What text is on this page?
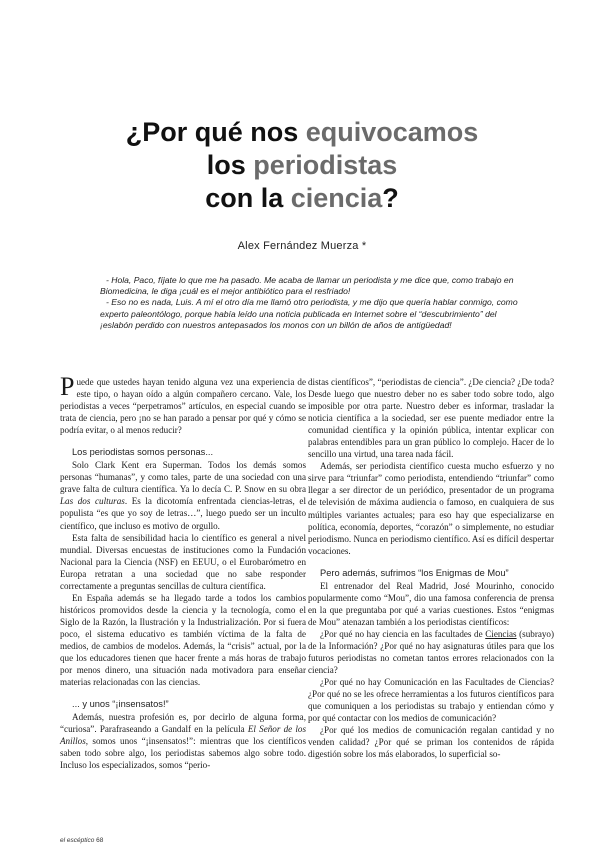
¿Por qué nos equivocamos
los periodistas
con la ciencia?
Alex Fernández Muerza *

- Hola, Paco, fíjate lo que me ha pasado. Me acaba de llamar un periodista y me dice que, como trabajo en Biomedicina, le diga ¡cuál es el mejor antibiótico para el resfriado!

- Eso no es nada, Luis. A mí el otro día me llamó otro periodista, y me dijo que quería hablar conmigo, como experto paleontólogo, porque había leído una noticia publicada en Internet sobre el “descubrimiento” del ¡eslabón perdido con nuestros antepasados los monos con un billón de años de antigüedad!

Puede que ustedes hayan tenido alguna vez una experiencia de este tipo, o hayan oído a algún compañero cercano. Vale, los periodistas a veces “perpetramos” artículos, en especial cuando se trata de ciencia, pero ¡no se han parado a pensar por qué y cómo se podría evitar, o al menos reducir?

Los periodistas somos personas...

Solo Clark Kent era Superman. Todos los demás somos personas “humanas”, y como tales, parte de una sociedad con una grave falta de cultura científica. Ya lo decía C. P. Snow en su obra Las dos culturas. Es la dicotomía enfrentada ciencias-letras, el populista “es que yo soy de letras…”, luego puedo ser un inculto científico, que incluso es motivo de orgullo.

Esta falta de sensibilidad hacia lo científico es general a nivel mundial. Diversas encuestas de instituciones como la Fundación Nacional para la Ciencia (NSF) en EEUU, o el Eurobarómetro en Europa retratan a una sociedad que no sabe responder correctamente a preguntas sencillas de cultura científica.

En España además se ha llegado tarde a todos los cambios históricos promovidos desde la ciencia y la tecnología, como el Siglo de la Razón, la Ilustración y la Industrialización. Por si fuera poco, el sistema educativo es también víctima de la falta de medios, de cambios de modelos. Además, la “crisis” actual, por la que los educadores tienen que hacer frente a más horas de trabajo por menos dinero, una situación nada motivadora para enseñar materias relacionadas con las ciencias.

... y unos “¡insensatos!”

Además, nuestra profesión es, por decirlo de alguna forma, “curiosa”. Parafraseando a Gandalf en la película El Señor de los Anillos, somos unos “¡insensatos!”: mientras que los científicos saben todo sobre algo, los periodistas sabemos algo sobre todo. Incluso los especializados, somos “perio-

distas científicos”, “periodistas de ciencia”. ¿De ciencia? ¿De toda? Desde luego que nuestro deber no es saber todo sobre todo, algo imposible por otra parte. Nuestro deber es informar, trasladar la noticia científica a la sociedad, ser ese puente mediador entre la comunidad científica y la opinión pública, intentar explicar con palabras entendibles para un gran público lo complejo. Hacer de lo sencillo una virtud, una tarea nada fácil.

Además, ser periodista científico cuesta mucho esfuerzo y no sirve para “triunfar” como periodista, entendiendo “triunfar” como llegar a ser director de un periódico, presentador de un programa de televisión de máxima audiencia o famoso, en cualquiera de sus múltiples variantes actuales; para eso hay que especializarse en política, economía, deportes, “corazón” o simplemente, no estudiar periodismo. Nunca en periodismo científico. Así es difícil despertar vocaciones.

Pero además, sufrimos “los Enigmas de Mou”

El entrenador del Real Madrid, José Mourinho, conocido popularmente como “Mou”, dio una famosa conferencia de prensa en la que preguntaba por qué a varias cuestiones. Estos “enigmas de Mou” atenazan también a los periodistas científicos:

¿Por qué no hay ciencia en las facultades de Ciencias (subrayo) de la Información? ¿Por qué no hay asignaturas útiles para que los futuros periodistas no cometan tantos errores relacionados con la ciencia?

¿Por qué no hay Comunicación en las Facultades de Ciencias? ¿Por qué no se les ofrece herramientas a los futuros científicos para que comuniquen a los periodistas su trabajo y entiendan cómo y por qué contactar con los medios de comunicación?

¿Por qué los medios de comunicación regalan cantidad y no venden calidad? ¿Por qué se priman los contenidos de rápida digestión sobre los más elaborados, lo superficial so-

el escéptico 68
